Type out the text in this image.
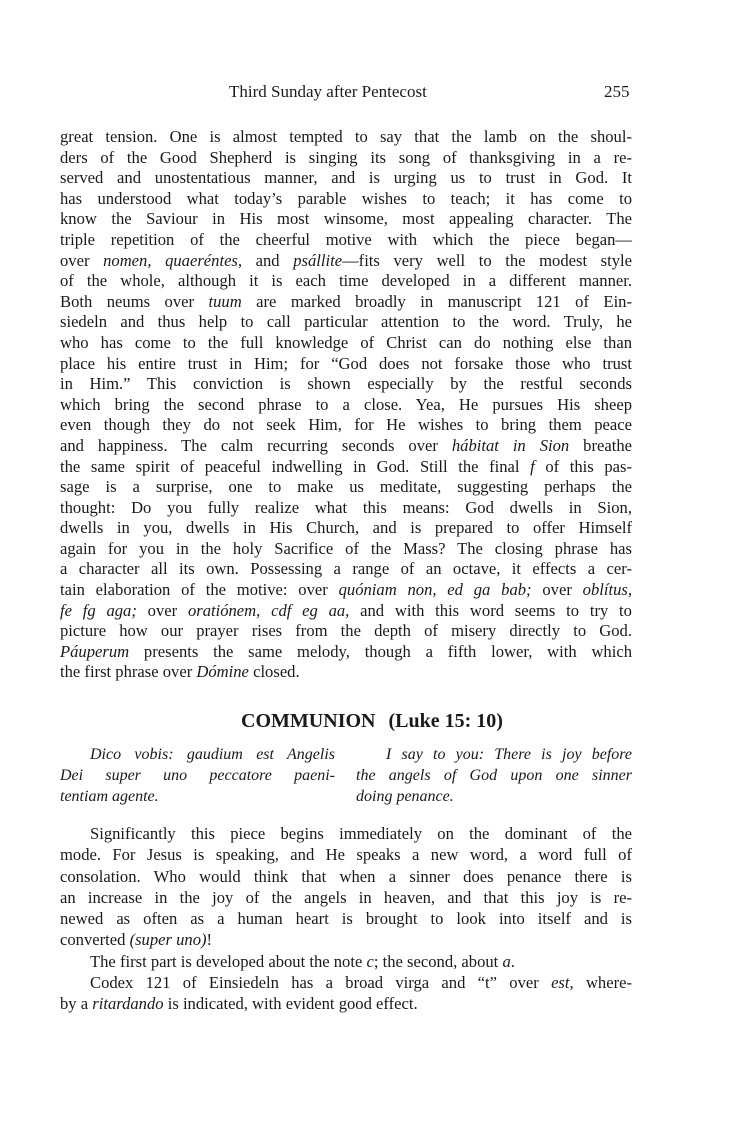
Third Sunday after Pentecost	255
great tension. One is almost tempted to say that the lamb on the shoul-
ders of the Good Shepherd is singing its song of thanksgiving in a re-
served and unostentatious manner, and is urging us to trust in God. It
has understood what today’s parable wishes to teach; it has come to
know the Saviour in His most winsome, most appealing character. The
triple repetition of the cheerful motive with which the piece began—
over nomen, quaeréntes, and psállite—fits very well to the modest style
of the whole, although it is each time developed in a different manner.
Both neums over tuum are marked broadly in manuscript 121 of Ein-
siedeln and thus help to call particular attention to the word. Truly, he
who has come to the full knowledge of Christ can do nothing else than
place his entire trust in Him; for “God does not forsake those who trust
in Him.” This conviction is shown especially by the restful seconds
which bring the second phrase to a close. Yea, He pursues His sheep
even though they do not seek Him, for He wishes to bring them peace
and happiness. The calm recurring seconds over hábitat in Sion breathe
the same spirit of peaceful indwelling in God. Still the final f of this pas-
sage is a surprise, one to make us meditate, suggesting perhaps the
thought: Do you fully realize what this means: God dwells in Sion,
dwells in you, dwells in His Church, and is prepared to offer Himself
again for you in the holy Sacrifice of the Mass? The closing phrase has
a character all its own. Possessing a range of an octave, it effects a cer-
tain elaboration of the motive: over quóniam non, ed ga bab; over oblítus,
fe fg aga; over oratiónem, cdf eg aa, and with this word seems to try to
picture how our prayer rises from the depth of misery directly to God.
Páuperum presents the same melody, though a fifth lower, with which
the first phrase over Dómine closed.
COMMUNION (Luke 15: 10)
Dico vobis: gaudium est Angelis
Dei super uno peccatore paeni-
tentiam agente.
I say to you: There is joy before
the angels of God upon one sinner
doing penance.
Significantly this piece begins immediately on the dominant of the
mode. For Jesus is speaking, and He speaks a new word, a word full of
consolation. Who would think that when a sinner does penance there is
an increase in the joy of the angels in heaven, and that this joy is re-
newed as often as a human heart is brought to look into itself and is
converted (super uno)!
The first part is developed about the note c; the second, about a.
Codex 121 of Einsiedeln has a broad virga and “t” over est, where-
by a ritardando is indicated, with evident good effect.
